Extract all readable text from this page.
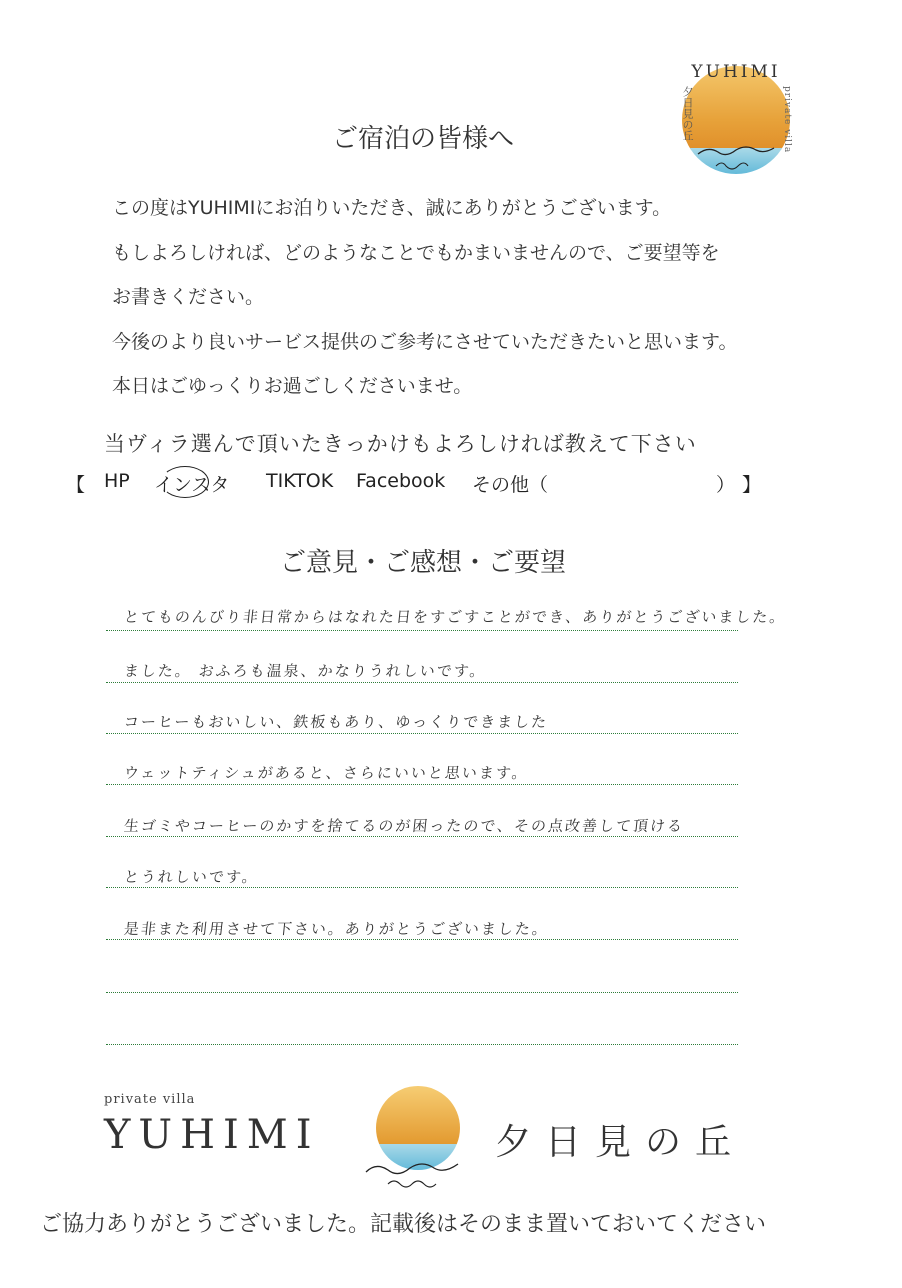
YUHIMI
夕日見の丘	private villa
ご宿泊の皆様へ

この度はYUHIMIにお泊りいただき、誠にありがとうございます。

もしよろしければ、どのようなことでもかまいませんので、ご要望等を

お書きください。

今後のより良いサービス提供のご参考にさせていただきたいと思います。

本日はごゆっくりお過ごしくださいませ。

当ヴィラ選んで頂いたきっかけもよろしければ教えて下さい
【 HP インスタ TIKTOK Facebook その他（	） 】
ご意見・ご感想・ご要望
とてものんびり非日常からはなれた日をすごすことができ、ありがとうございました。
ました。 おふろも温泉、かなりうれしいです。
コーヒーもおいしい、鉄板もあり、ゆっくりできました
ウェットティシュがあると、さらにいいと思います。
生ゴミやコーヒーのかすを捨てるのが困ったので、その点改善して頂ける
とうれしいです。
是非また利用させて下さい。ありがとうございました。
private villa
YUHIMI	夕日見の丘
ご協力ありがとうございました。記載後はそのまま置いておいてください
